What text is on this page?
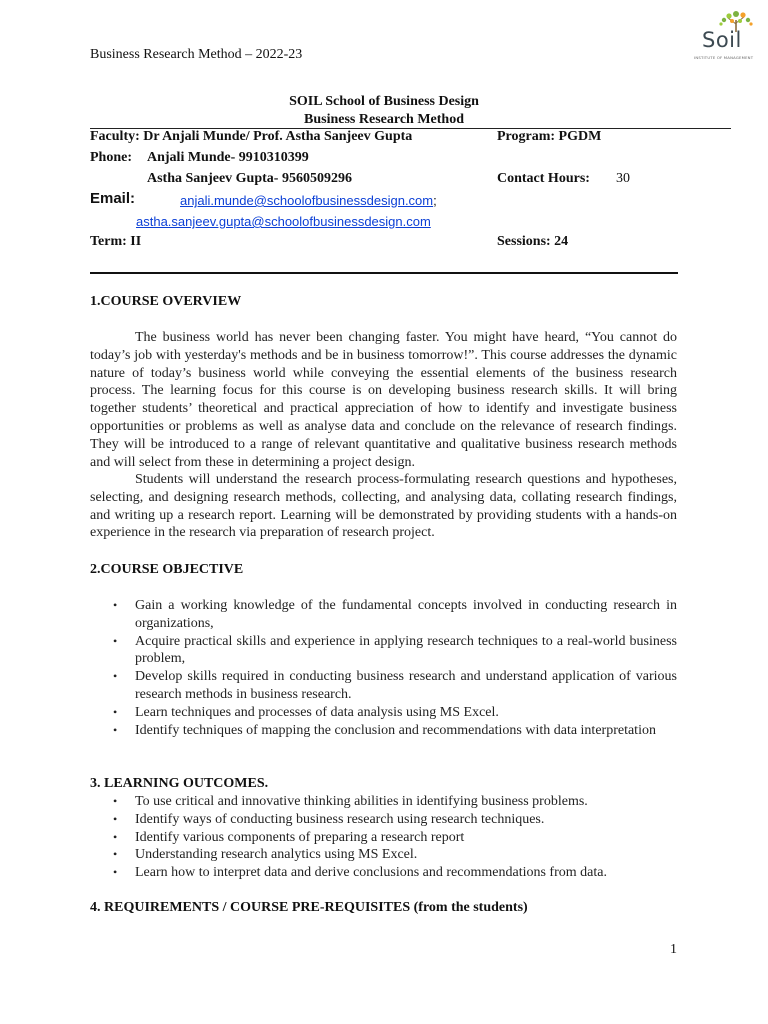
Business Research Method – 2022-23
Soil
INSTITUTE OF MANAGEMENT
SOIL School of Business Design
Business Research Method
Faculty: Dr Anjali Munde/ Prof. Astha Sanjeev Gupta	Program: PGDM
Phone: Anjali Munde- 9910310399
Astha Sanjeev Gupta- 9560509296	Contact Hours: 30
Email:	anjali.munde@schoolofbusinessdesign.com;
astha.sanjeev.gupta@schoolofbusinessdesign.com
Term: II	Sessions: 24
1.COURSE OVERVIEW

The business world has never been changing faster. You might have heard, “You cannot do today’s job with yesterday's methods and be in business tomorrow!”. This course addresses the dynamic nature of today’s business world while conveying the essential elements of the business research process. The learning focus for this course is on developing business research skills. It will bring together students’ theoretical and practical appreciation of how to identify and investigate business opportunities or problems as well as analyse data and conclude on the relevance of research findings. They will be introduced to a range of relevant quantitative and qualitative business research methods and will select from these in determining a project design.

Students will understand the research process-formulating research questions and hypotheses, selecting, and designing research methods, collecting, and analysing data, collating research findings, and writing up a research report. Learning will be demonstrated by providing students with a hands-on experience in the research via preparation of research project.

2.COURSE OBJECTIVE
• Gain a working knowledge of the fundamental concepts involved in conducting research in organizations,
• Acquire practical skills and experience in applying research techniques to a real-world business problem,
• Develop skills required in conducting business research and understand application of various research methods in business research.
• Learn techniques and processes of data analysis using MS Excel.
• Identify techniques of mapping the conclusion and recommendations with data interpretation
3. LEARNING OUTCOMES.
• To use critical and innovative thinking abilities in identifying business problems.
• Identify ways of conducting business research using research techniques.
• Identify various components of preparing a research report
• Understanding research analytics using MS Excel.
• Learn how to interpret data and derive conclusions and recommendations from data.
4. REQUIREMENTS / COURSE PRE-REQUISITES (from the students)
1
